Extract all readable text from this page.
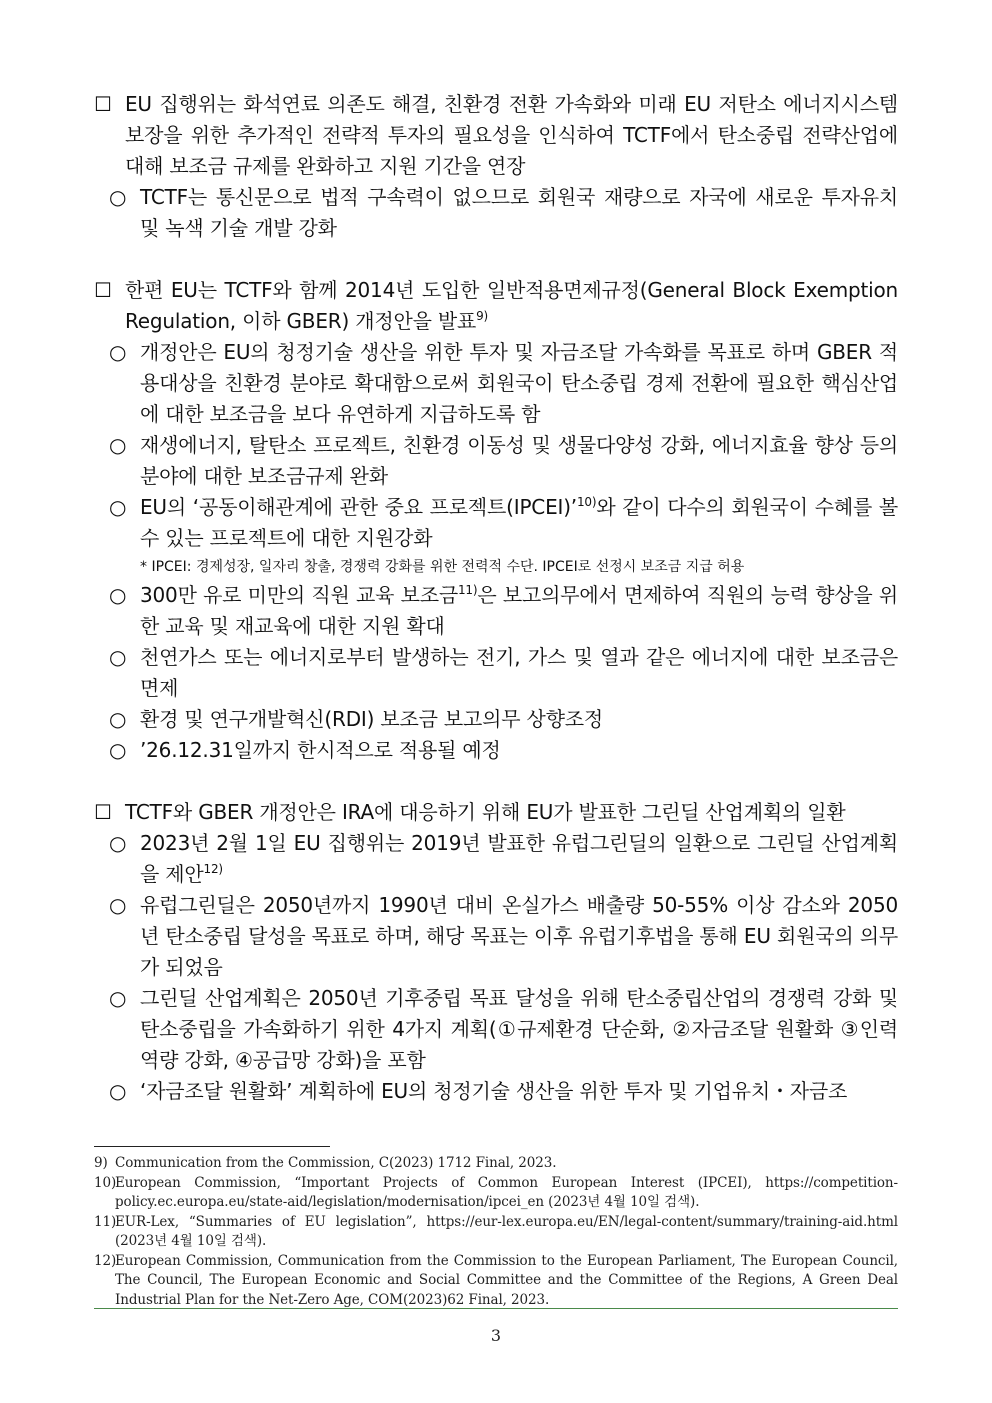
☐ EU 집행위는 화석연료 의존도 해결, 친환경 전환 가속화와 미래 EU 저탄소 에너지시스템 보장을 위한 추가적인 전략적 투자의 필요성을 인식하여 TCTF에서 탄소중립 전략산업에 대해 보조금 규제를 완화하고 지원 기간을 연장
○ TCTF는 통신문으로 법적 구속력이 없으므로 회원국 재량으로 자국에 새로운 투자유치 및 녹색 기술 개발 강화
☐ 한편 EU는 TCTF와 함께 2014년 도입한 일반적용면제규정(General Block Exemption Regulation, 이하 GBER) 개정안을 발표$^{9)}$
○ 개정안은 EU의 청정기술 생산을 위한 투자 및 자금조달 가속화를 목표로 하며 GBER 적용대상을 친환경 분야로 확대함으로써 회원국이 탄소중립 경제 전환에 필요한 핵심산업에 대한 보조금을 보다 유연하게 지급하도록 함
○ 재생에너지, 탈탄소 프로젝트, 친환경 이동성 및 생물다양성 강화, 에너지효율 향상 등의 분야에 대한 보조금규제 완화
○ EU의 ‘공동이해관계에 관한 중요 프로젝트(IPCEI)’$^{10)}$와 같이 다수의 회원국이 수혜를 볼 수 있는 프로젝트에 대한 지원강화
* IPCEI: 경제성장, 일자리 창출, 경쟁력 강화를 위한 전력적 수단. IPCEI로 선정시 보조금 지급 허용
○ 300만 유로 미만의 직원 교육 보조금$^{11)}$은 보고의무에서 면제하여 직원의 능력 향상을 위한 교육 및 재교육에 대한 지원 확대
○ 천연가스 또는 에너지로부터 발생하는 전기, 가스 및 열과 같은 에너지에 대한 보조금은 면제
○ 환경 및 연구개발혁신(RDI) 보조금 보고의무 상향조정
○ ’26.12.31일까지 한시적으로 적용될 예정
☐ TCTF와 GBER 개정안은 IRA에 대응하기 위해 EU가 발표한 그린딜 산업계획의 일환
○ 2023년 2월 1일 EU 집행위는 2019년 발표한 유럽그린딜의 일환으로 그린딜 산업계획을 제안$^{12)}$
○ 유럽그린딜은 2050년까지 1990년 대비 온실가스 배출량 50-55% 이상 감소와 2050년 탄소중립 달성을 목표로 하며, 해당 목표는 이후 유럽기후법을 통해 EU 회원국의 의무가 되었음
○ 그린딜 산업계획은 2050년 기후중립 목표 달성을 위해 탄소중립산업의 경쟁력 강화 및 탄소중립을 가속화하기 위한 4가지 계획(①규제환경 단순화, ②자금조달 원활화 ③인력역량 강화, ④공급망 강화)을 포함
○ ‘자금조달 원활화’ 계획하에 EU의 청정기술 생산을 위한 투자 및 기업유치・자금조
9) Communication from the Commission, C(2023) 1712 Final, 2023.
10)
European Commission, “Important Projects of Common European Interest (IPCEI), https://competition-policy.ec.europa.eu/state-aid/legislation/modernisation/ipcei_en (2023년 4월 10일 검색).
11)
EUR-Lex, “Summaries of EU legislation”, https://eur-lex.europa.eu/EN/legal-content/summary/training-aid.html (2023년 4월 10일 검색).
12)
European Commission, Communication from the Commission to the European Parliament, The European Council, The Council, The European Economic and Social Committee and the Committee of the Regions, A Green Deal Industrial Plan for the Net-Zero Age, COM(2023)62 Final, 2023.
3
